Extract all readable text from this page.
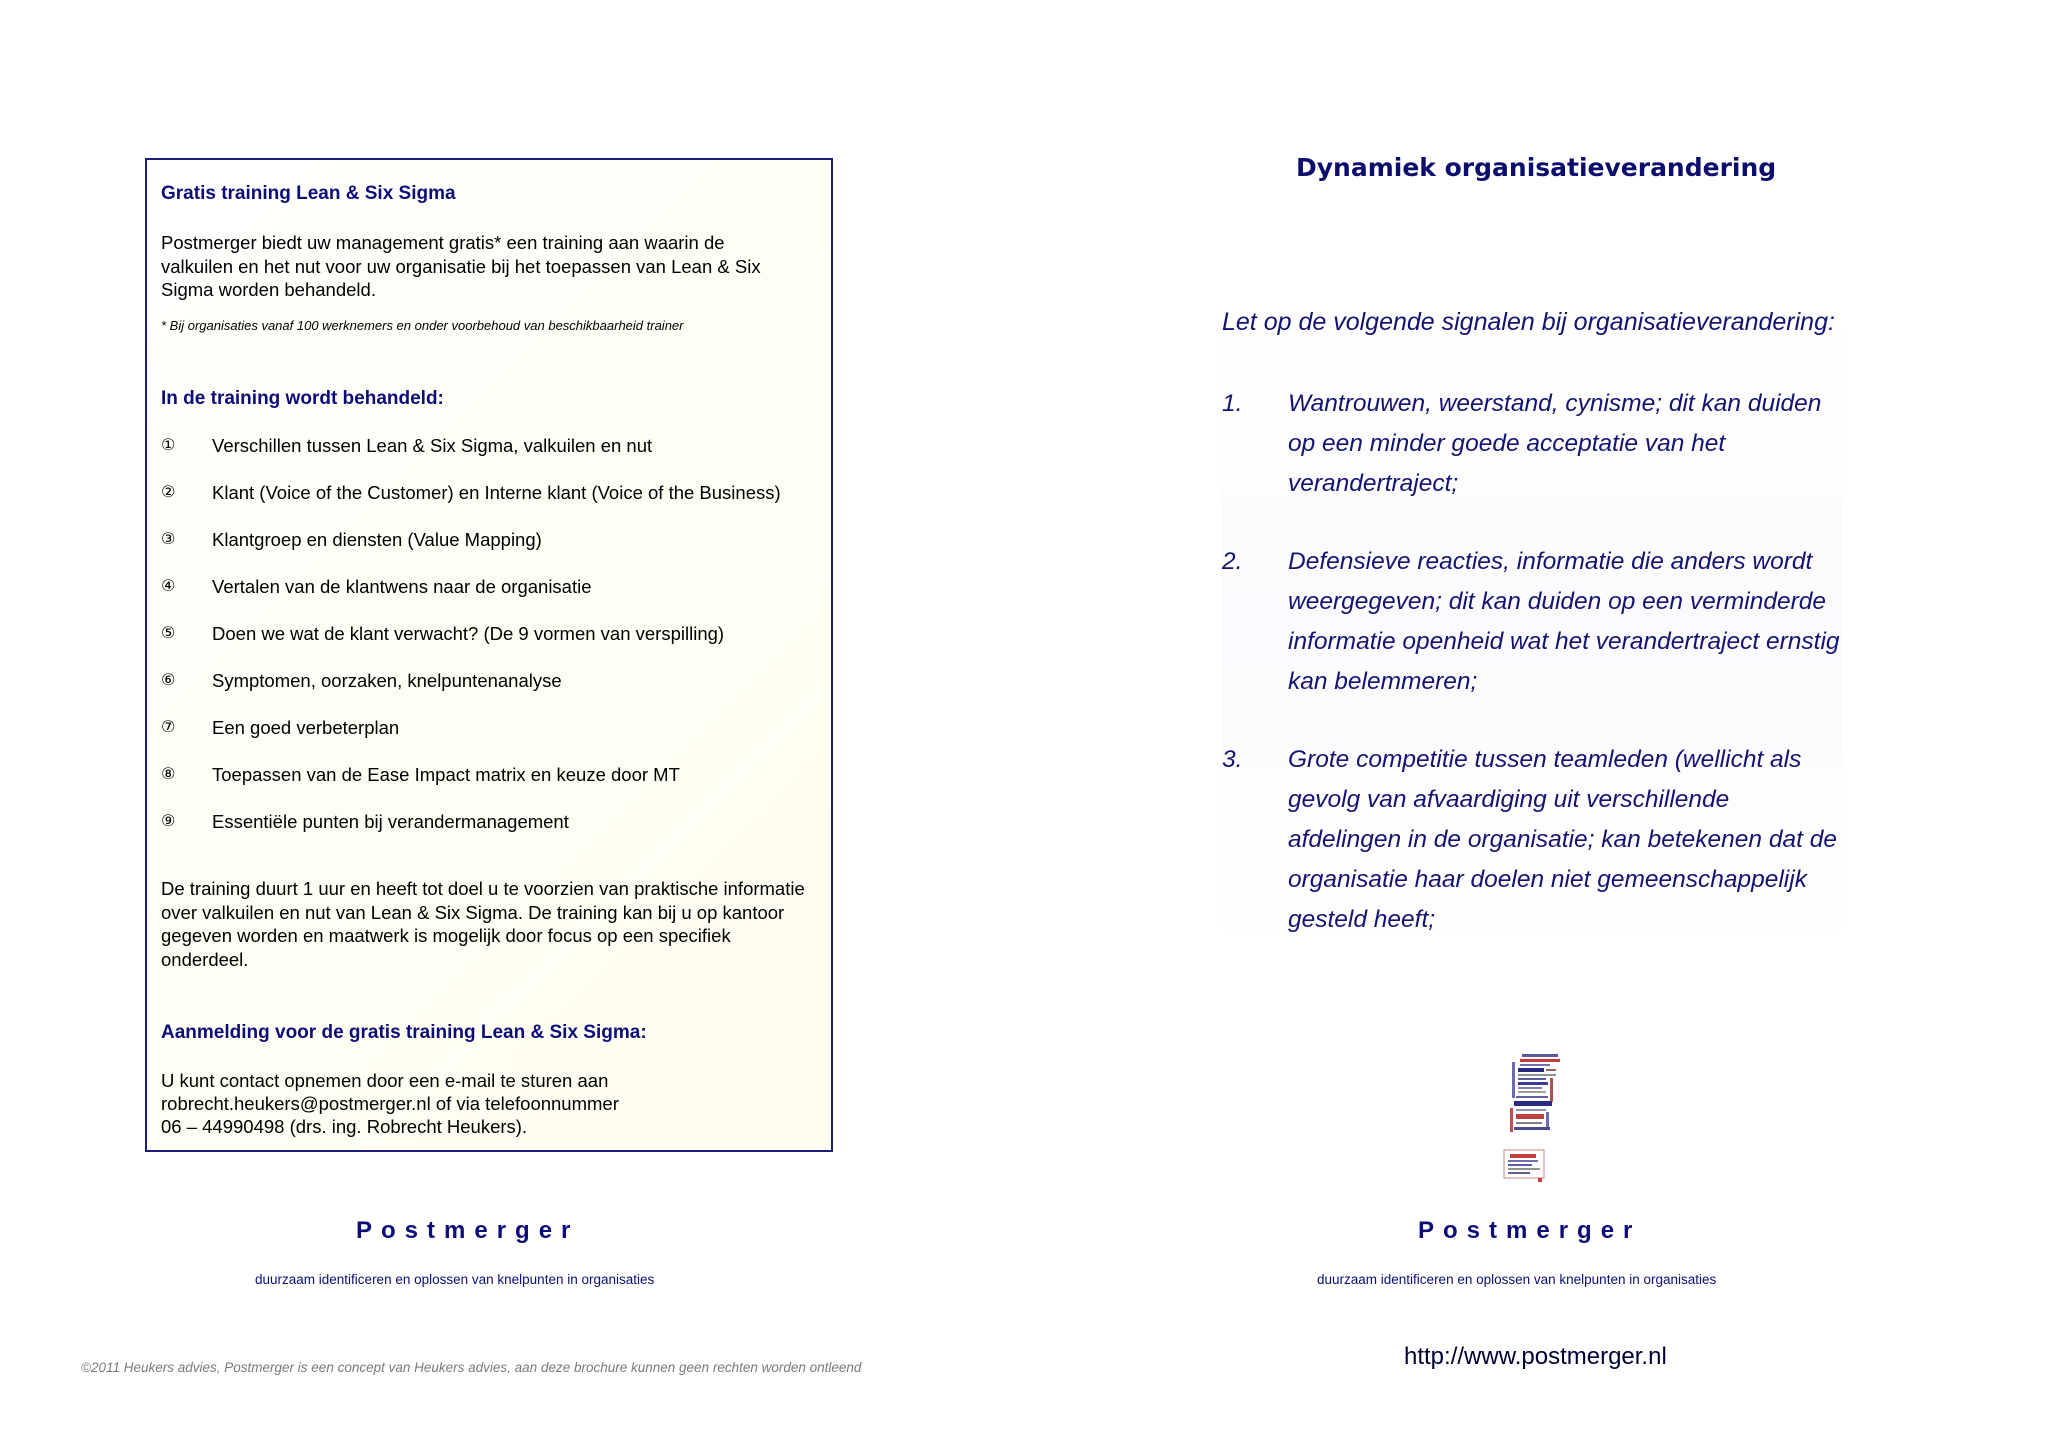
Gratis training Lean & Six Sigma
Postmerger biedt uw management gratis* een training aan waarin de valkuilen en het nut voor uw organisatie bij het toepassen van Lean & Six Sigma worden behandeld.
* Bij organisaties vanaf 100 werknemers en onder voorbehoud van beschikbaarheid trainer
In de training wordt behandeld:
① Verschillen tussen Lean & Six Sigma, valkuilen en nut
② Klant (Voice of the Customer) en Interne klant (Voice of the Business)
③ Klantgroep en diensten (Value Mapping)
④ Vertalen van de klantwens naar de organisatie
⑤ Doen we wat de klant verwacht? (De 9 vormen van verspilling)
⑥ Symptomen, oorzaken, knelpuntenanalyse
⑦ Een goed verbeterplan
⑧ Toepassen van de Ease Impact matrix en keuze door MT
⑨ Essentiële punten bij verandermanagement
De training duurt 1 uur en heeft tot doel u te voorzien van praktische informatie over valkuilen en nut van Lean & Six Sigma. De training kan bij u op kantoor gegeven worden en maatwerk is mogelijk door focus op een specifiek onderdeel.
Aanmelding voor de gratis training Lean & Six Sigma:
U kunt contact opnemen door een e-mail te sturen aan
robrecht.heukers@postmerger.nl of via telefoonnummer
06 – 44990498 (drs. ing. Robrecht Heukers).
Postmerger
duurzaam identificeren en oplossen van knelpunten in organisaties
©2011 Heukers advies, Postmerger is een concept van Heukers advies, aan deze brochure kunnen geen rechten worden ontleend
Dynamiek organisatieverandering
Let op de volgende signalen bij organisatieverandering:
1. Wantrouwen, weerstand, cynisme; dit kan duiden op een minder goede acceptatie van het verandertraject;
2. Defensieve reacties, informatie die anders wordt weergegeven; dit kan duiden op een verminderde informatie openheid wat het verandertraject ernstig kan belemmeren;
3. Grote competitie tussen teamleden (wellicht als gevolg van afvaardiging uit verschillende afdelingen in de organisatie; kan betekenen dat de organisatie haar doelen niet gemeenschappelijk gesteld heeft;
Postmerger
duurzaam identificeren en oplossen van knelpunten in organisaties
http://www.postmerger.nl
